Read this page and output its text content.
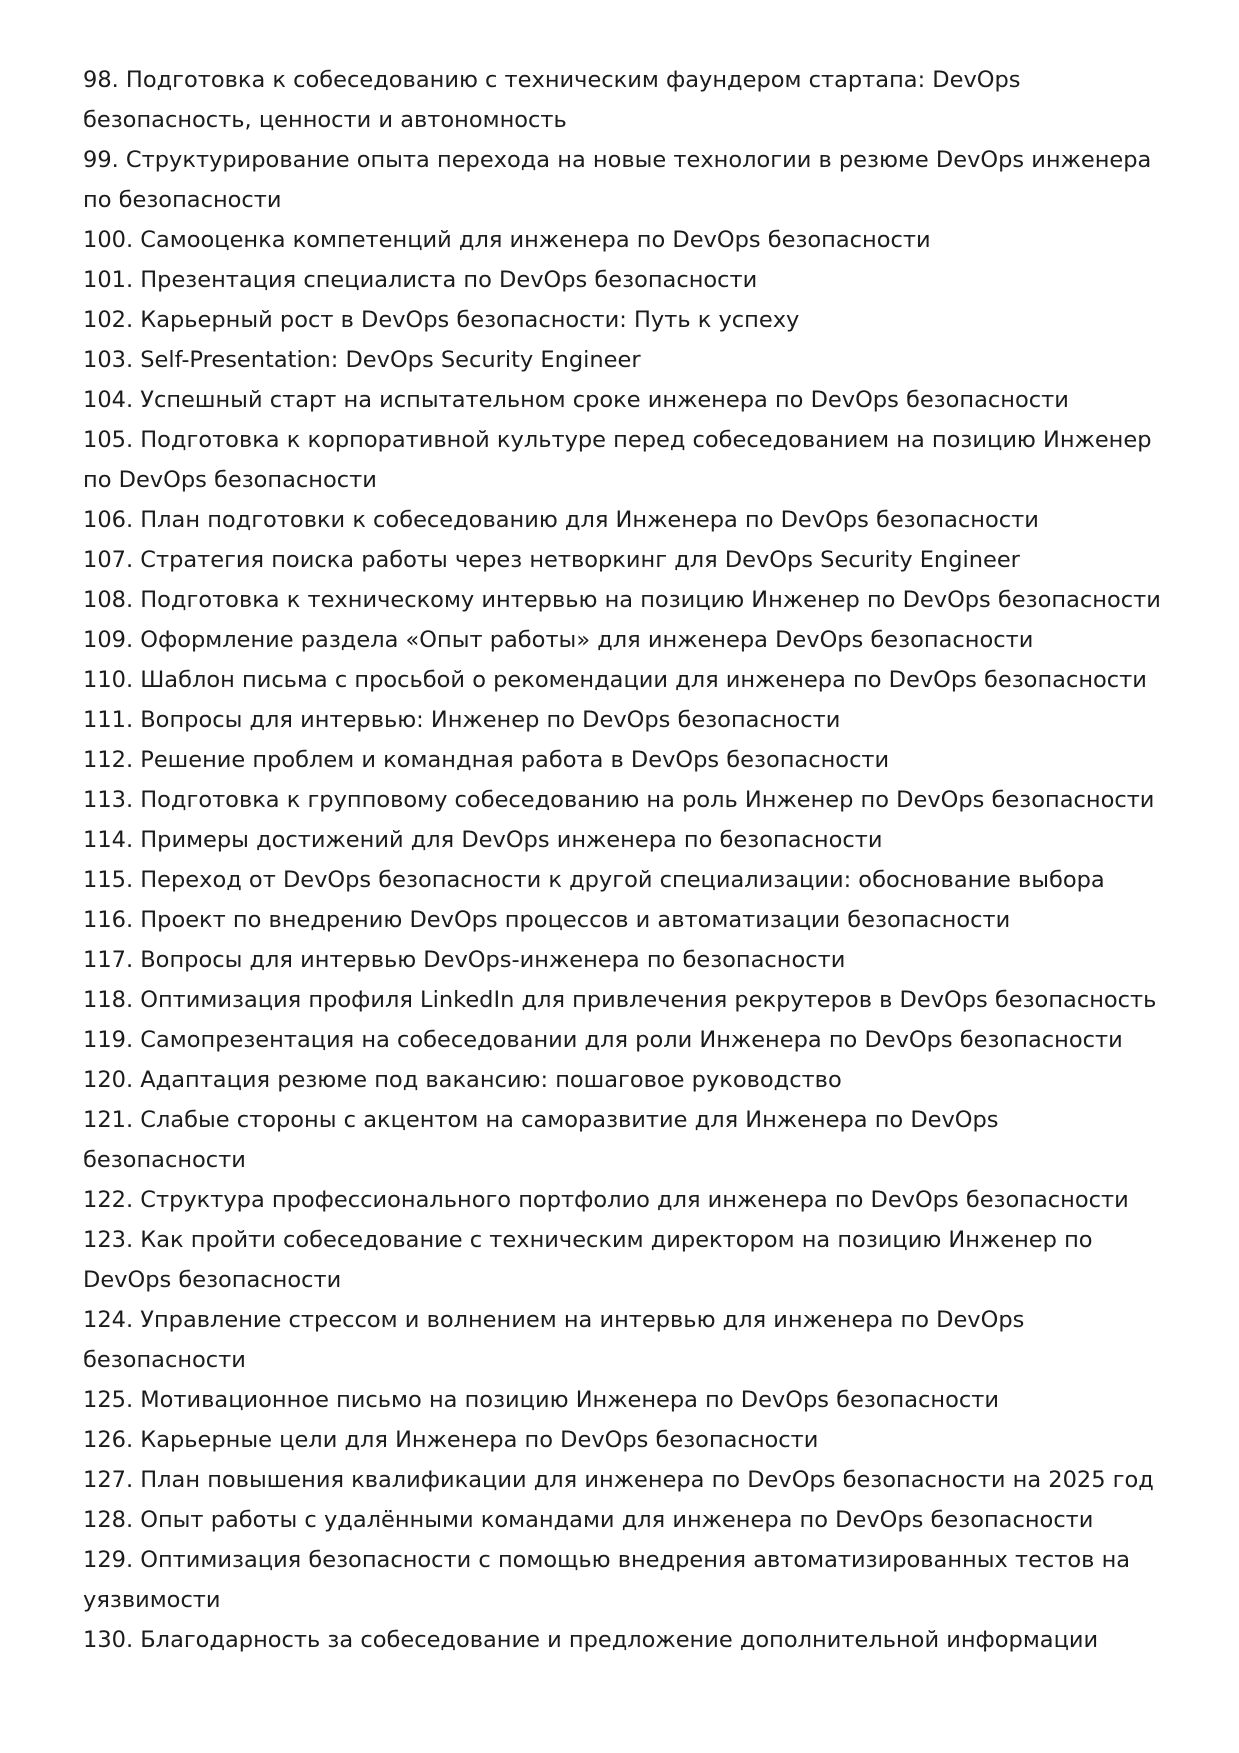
98. Подготовка к собеседованию с техническим фаундером стартапа: DevOps безопасность, ценности и автономность

99. Структурирование опыта перехода на новые технологии в резюме DevOps инженера по безопасности

100. Самооценка компетенций для инженера по DevOps безопасности

101. Презентация специалиста по DevOps безопасности

102. Карьерный рост в DevOps безопасности: Путь к успеху

103. Self-Presentation: DevOps Security Engineer

104. Успешный старт на испытательном сроке инженера по DevOps безопасности

105. Подготовка к корпоративной культуре перед собеседованием на позицию Инженер по DevOps безопасности

106. План подготовки к собеседованию для Инженера по DevOps безопасности

107. Стратегия поиска работы через нетворкинг для DevOps Security Engineer

108. Подготовка к техническому интервью на позицию Инженер по DevOps безопасности

109. Оформление раздела «Опыт работы» для инженера DevOps безопасности

110. Шаблон письма с просьбой о рекомендации для инженера по DevOps безопасности

111. Вопросы для интервью: Инженер по DevOps безопасности

112. Решение проблем и командная работа в DevOps безопасности

113. Подготовка к групповому собеседованию на роль Инженер по DevOps безопасности

114. Примеры достижений для DevOps инженера по безопасности

115. Переход от DevOps безопасности к другой специализации: обоснование выбора

116. Проект по внедрению DevOps процессов и автоматизации безопасности

117. Вопросы для интервью DevOps-инженера по безопасности

118. Оптимизация профиля LinkedIn для привлечения рекрутеров в DevOps безопасность

119. Самопрезентация на собеседовании для роли Инженера по DevOps безопасности

120. Адаптация резюме под вакансию: пошаговое руководство

121. Слабые стороны с акцентом на саморазвитие для Инженера по DevOps безопасности

122. Структура профессионального портфолио для инженера по DevOps безопасности

123. Как пройти собеседование с техническим директором на позицию Инженер по DevOps безопасности

124. Управление стрессом и волнением на интервью для инженера по DevOps безопасности

125. Мотивационное письмо на позицию Инженера по DevOps безопасности

126. Карьерные цели для Инженера по DevOps безопасности

127. План повышения квалификации для инженера по DevOps безопасности на 2025 год

128. Опыт работы с удалёнными командами для инженера по DevOps безопасности

129. Оптимизация безопасности с помощью внедрения автоматизированных тестов на уязвимости

130. Благодарность за собеседование и предложение дополнительной информации
